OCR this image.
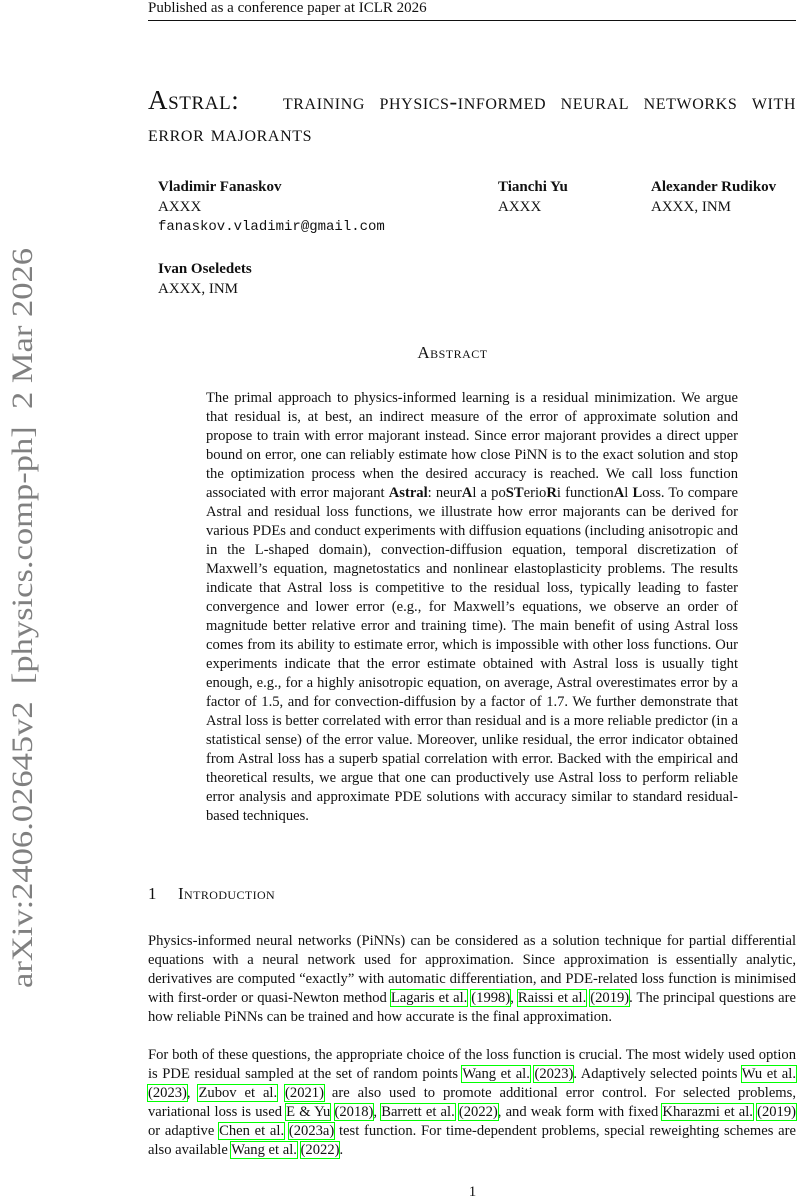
Published as a conference paper at ICLR 2026
Astral: training physics-informed neural networks with error majorants
Vladimir Fanaskov
AXXX
fanaskov.vladimir@gmail.com
Tianchi Yu
AXXX
Alexander Rudikov
AXXX, INM
Ivan Oseledets
AXXX, INM
arXiv:2406.02645v2  [physics.comp-ph]  2 Mar 2026	Abstract
The primal approach to physics-informed learning is a residual minimization. We argue that residual is, at best, an indirect measure of the error of approximate solution and propose to train with error majorant instead. Since error majorant provides a direct upper bound on error, one can reliably estimate how close PiNN is to the exact solution and stop the optimization process when the desired accuracy is reached. We call loss function associated with error majorant Astral: neurAl a poSTerioRi functionAl Loss. To compare Astral and residual loss functions, we illustrate how error majorants can be derived for various PDEs and conduct experiments with diffusion equations (including anisotropic and in the L-shaped domain), convection-diffusion equation, temporal discretization of Maxwell’s equation, magnetostatics and nonlinear elastoplasticity problems. The results indicate that Astral loss is competitive to the residual loss, typically leading to faster convergence and lower error (e.g., for Maxwell’s equations, we observe an order of magnitude better relative error and training time). The main benefit of using Astral loss comes from its ability to estimate error, which is impossible with other loss functions. Our experiments indicate that the error estimate obtained with Astral loss is usually tight enough, e.g., for a highly anisotropic equation, on average, Astral overestimates error by a factor of 1.5, and for convection-diffusion by a factor of 1.7. We further demonstrate that Astral loss is better correlated with error than residual and is a more reliable predictor (in a statistical sense) of the error value. Moreover, unlike residual, the error indicator obtained from Astral loss has a superb spatial correlation with error. Backed with the empirical and theoretical results, we argue that one can productively use Astral loss to perform reliable error analysis and approximate PDE solutions with accuracy similar to standard residual-based techniques.
1 Introduction
Physics-informed neural networks (PiNNs) can be considered as a solution technique for partial differential equations with a neural network used for approximation. Since approximation is essentially analytic, derivatives are computed “exactly” with automatic differentiation, and PDE-related loss function is minimised with first-order or quasi-Newton method Lagaris et al. (1998), Raissi et al. (2019). The principal questions are how reliable PiNNs can be trained and how accurate is the final approximation.
For both of these questions, the appropriate choice of the loss function is crucial. The most widely used option is PDE residual sampled at the set of random points Wang et al. (2023). Adaptively selected points Wu et al. (2023), Zubov et al. (2021) are also used to promote additional error control. For selected problems, variational loss is used E & Yu (2018), Barrett et al. (2022), and weak form with fixed Kharazmi et al. (2019) or adaptive Chen et al. (2023a) test function. For time-dependent problems, special reweighting schemes are also available Wang et al. (2022).
1
